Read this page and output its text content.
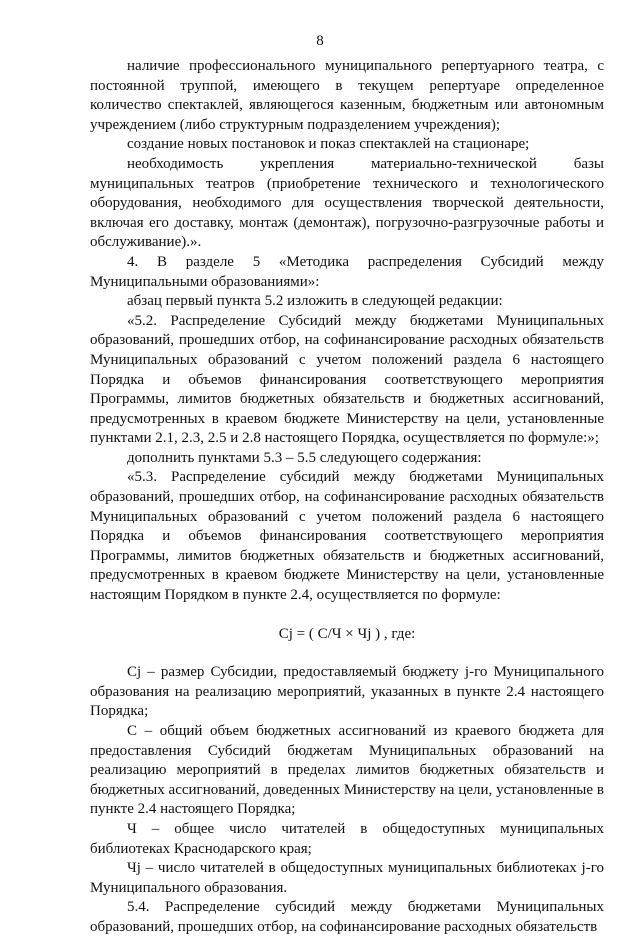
8

наличие профессионального муниципального репертуарного театра, с постоянной труппой, имеющего в текущем репертуаре определенное количество спектаклей, являющегося казенным, бюджетным или автономным учреждением (либо структурным подразделением учреждения);

создание новых постановок и показ спектаклей на стационаре;

необходимость укрепления материально-технической базы муниципальных театров (приобретение технического и технологического оборудования, необходимого для осуществления творческой деятельности, включая его доставку, монтаж (демонтаж), погрузочно-разгрузочные работы и обслуживание).».

4. В разделе 5 «Методика распределения Субсидий между Муниципальными образованиями»:

абзац первый пункта 5.2 изложить в следующей редакции:

«5.2. Распределение Субсидий между бюджетами Муниципальных образований, прошедших отбор, на софинансирование расходных обязательств Муниципальных образований с учетом положений раздела 6 настоящего Порядка и объемов финансирования соответствующего мероприятия Программы, лимитов бюджетных обязательств и бюджетных ассигнований, предусмотренных в краевом бюджете Министерству на цели, установленные пунктами 2.1, 2.3, 2.5 и 2.8 настоящего Порядка, осуществляется по формуле:»;

дополнить пунктами 5.3 – 5.5 следующего содержания:

«5.3. Распределение субсидий между бюджетами Муниципальных образований, прошедших отбор, на софинансирование расходных обязательств Муниципальных образований с учетом положений раздела 6 настоящего Порядка и объемов финансирования соответствующего мероприятия Программы, лимитов бюджетных обязательств и бюджетных ассигнований, предусмотренных в краевом бюджете Министерству на цели, установленные настоящим Порядком в пункте 2.4, осуществляется по формуле:

Cj = ( C/Ч × Чj ) , где:

Cj – размер Субсидии, предоставляемый бюджету j-го Муниципального образования на реализацию мероприятий, указанных в пункте 2.4 настоящего Порядка;

C – общий объем бюджетных ассигнований из краевого бюджета для предоставления Субсидий бюджетам Муниципальных образований на реализацию мероприятий в пределах лимитов бюджетных обязательств и бюджетных ассигнований, доведенных Министерству на цели, установленные в пункте 2.4 настоящего Порядка;

Ч – общее число читателей в общедоступных муниципальных библиотеках Краснодарского края;

Чj – число читателей в общедоступных муниципальных библиотеках j-го Муниципального образования.

5.4. Распределение субсидий между бюджетами Муниципальных образований, прошедших отбор, на софинансирование расходных обязательств
